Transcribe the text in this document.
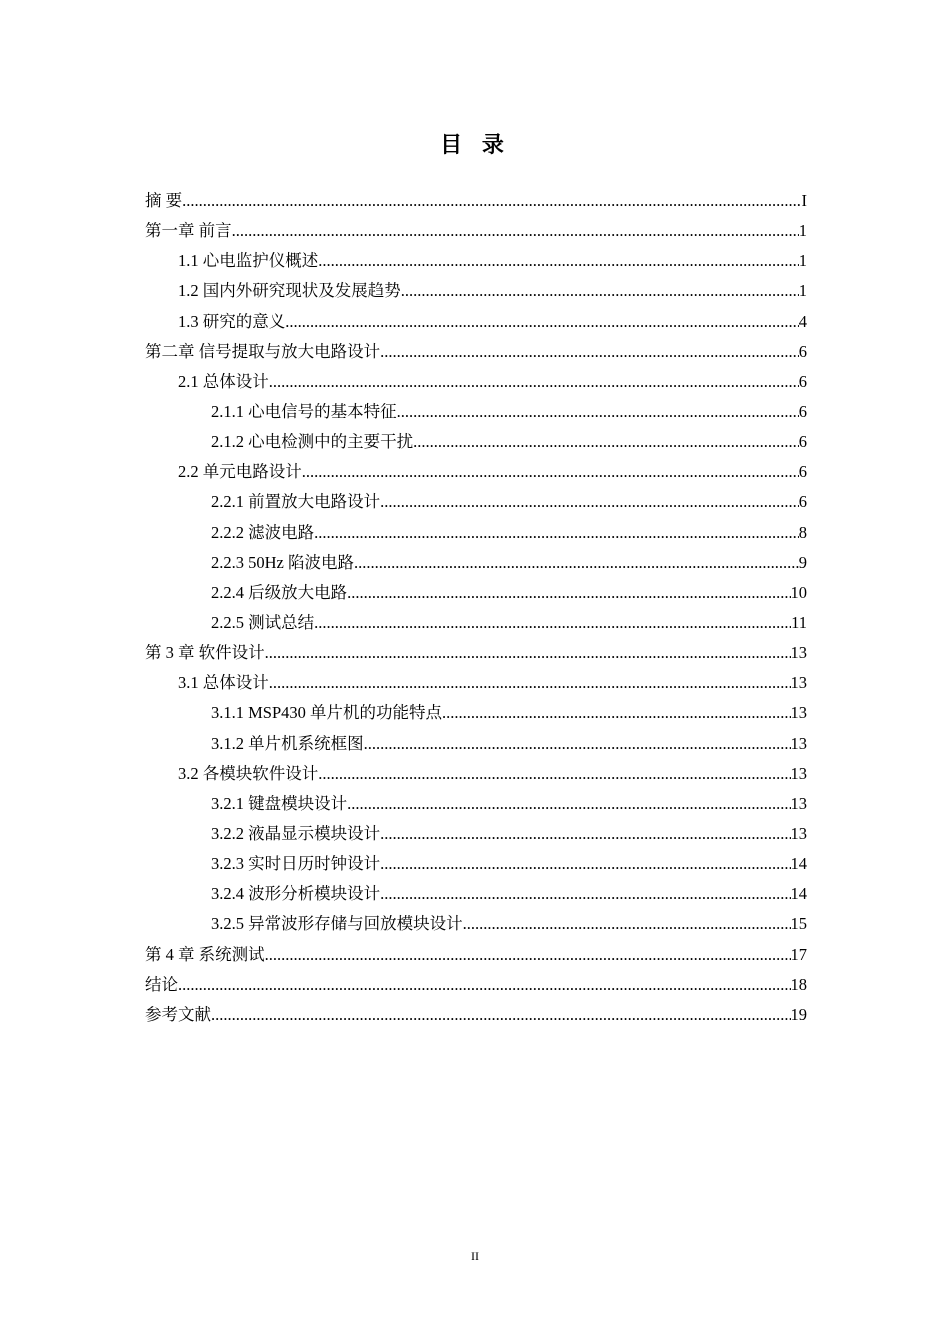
目 录
摘 要 .....	I
第一章 前言 .....	1
1.1 心电监护仪概述 .....	1
1.2 国内外研究现状及发展趋势 .....	1
1.3 研究的意义 .....	4
第二章 信号提取与放大电路设计 .....	6
2.1 总体设计 .....	6
2.1.1 心电信号的基本特征 .....	6
2.1.2 心电检测中的主要干扰 .....	6
2.2 单元电路设计 .....	6
2.2.1 前置放大电路设计 .....	6
2.2.2 滤波电路 .....	8
2.2.3 50Hz 陷波电路 .....	9
2.2.4 后级放大电路 .....	10
2.2.5 测试总结 .....	11
第 3 章 软件设计 .....	13
3.1 总体设计 .....	13
3.1.1 MSP430 单片机的功能特点 .....	13
3.1.2 单片机系统框图 .....	13
3.2 各模块软件设计 .....	13
3.2.1 键盘模块设计 .....	13
3.2.2 液晶显示模块设计 .....	13
3.2.3 实时日历时钟设计 .....	14
3.2.4 波形分析模块设计 .....	14
3.2.5 异常波形存储与回放模块设计 .....	15
第 4 章 系统测试 .....	17
结论 .....	18
参考文献 .....	19
II
